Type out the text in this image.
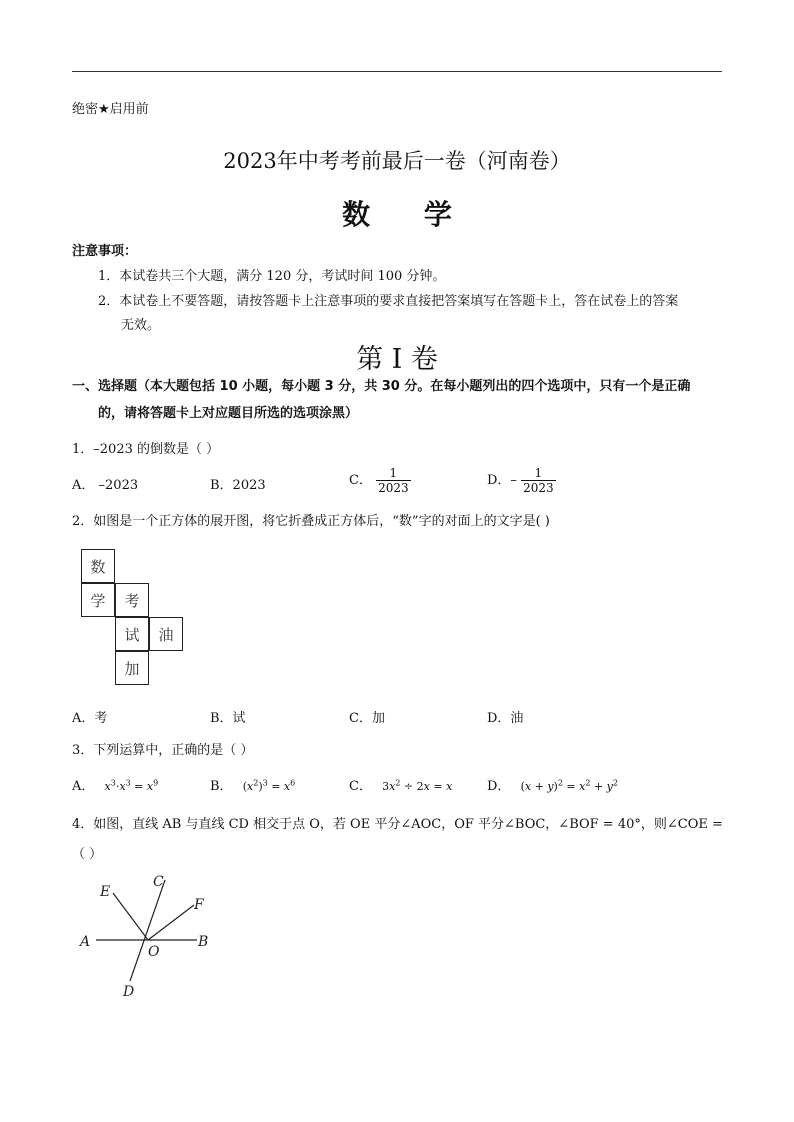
绝密★启用前
2023年中考考前最后一卷（河南卷）
数 学
注意事项：
1．本试卷共三个大题，满分 120 分，考试时间 100 分钟。
2．本试卷上不要答题，请按答题卡上注意事项的要求直接把答案填写在答题卡上，答在试卷上的答案
无效。
第 I 卷
一、选择题（本大题包括 10 小题，每小题 3 分，共 30 分。在每小题列出的四个选项中，只有一个是正确
的，请将答题卡上对应题目所选的选项涂黑）
1．–2023 的倒数是（ ）
A． –2023	B．2023	C． $\frac{1}{2023}$	D．– $\frac{1}{2023}$
2．如图是一个正方体的展开图，将它折叠成正方体后，“数”字的对面上的文字是( )
数
学	考
试	油
加
A．考	B．试	C．加	D．油
3．下列运算中，正确的是（ ）
A． $x^3\cdot x^3 = x^9$	B． $(x^2)^3 = x^6$	C． $3x^2 \div 2x = x$	D． $(x + y)^2 = x^2 + y^2$
4．如图，直线 AB 与直线 CD 相交于点 O，若 OE 平分∠AOC，OF 平分∠BOC，∠BOF = 40°，则∠COE =
（ ）
E
C
F
A	B
O
D
